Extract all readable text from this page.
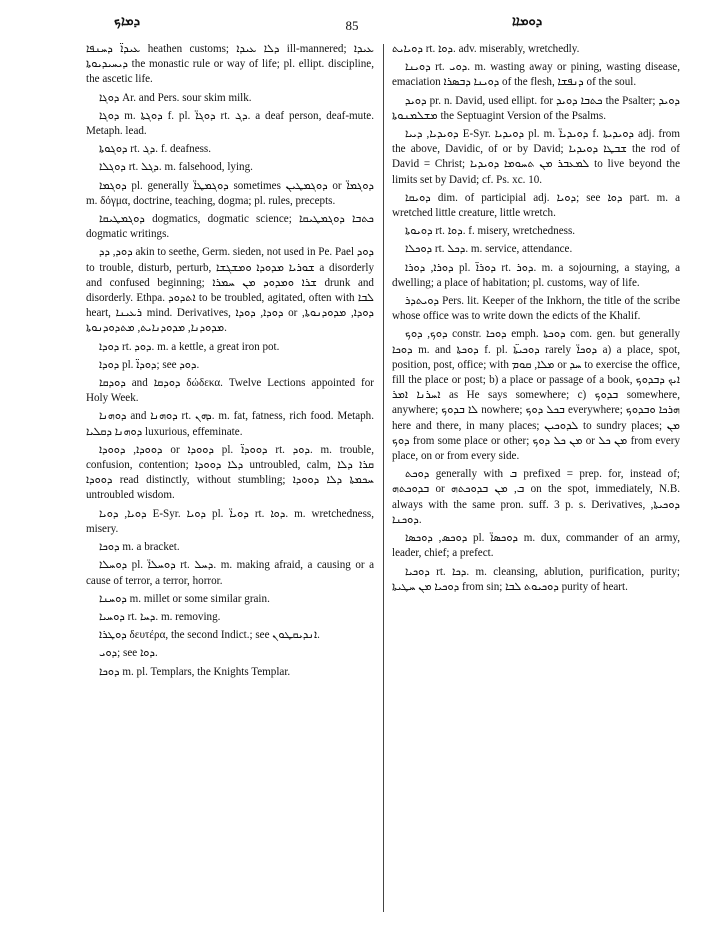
ܕܡܐܟ	85	ܕܘܡܐܐ

ܥܝܕܐ̈ ܕܚܢܦܐ heathen customs; ܕܠܐ ܥܝܕܐ ill-mannered; ܥܝܕܐ ܕܝܚܝܕܝܘܬܐ the monastic rule or way of life; pl. ellipt. discipline, the ascetic life.

ܕܘܓܐ Ar. and Pers. sour skim milk.

ܕܘܓܐ m. ܕܘܓܬܐ f. pl. ܕܘܓܐ̈ rt. ܕܓ. a deaf person, deaf-mute. Metaph. lead.

ܕܘܓܘܬܐ rt. ܕܓ. f. deafness.

ܕܘܓܠܐ rt. ܕܓܠ. m. falsehood, lying.

ܕܘܓܡܐ pl. generally ܕܘܓܡܛܐ̈ sometimes ܕܘܓܡܛܝܢ or ܕܘܓܡܐ̈ m. δόγμα, doctrine, teaching, dogma; pl. rules, precepts.

ܕܘܓܡܛܝܩܐ dogmatics, dogmatic science; ܟܬܒܐ ܕܘܓܡܛܝܩܐ dogmatic writings.

ܕܘܕ, ܕܕ akin to seethe, Germ. sieden, not used in Pe. Pael ܕܘܕ to trouble, disturb, perturb, ܫܘܪܝܐ ܡܕܘܕܐ ܘܡܫܓܫܐ a disorderly and confused beginning; ܫܪܐ ܘܡܕܘܕ ܡܢ ܚܡܪܐ drunk and disorderly. Ethpa. ܐܬܕܘܕ to be troubled, agitated, often with ܠܒܐ heart, ܪܥܝܢܐ mind. Derivatives, ܕܘܕܐ, ܕܘܕܐ or ܕܘܕܐ, ܡܕܘܕܢܘܬܐ, ܡܕܘܕܢܐ, ܡܕܘܕܢܐܝܬ, ܡܬܕܘܕܢܘܬܐ.

ܕܘܕܐ rt. ܕܘܕ. m. a kettle, a great iron pot.

ܕܘܕܐ pl. ܕܘܕܐ̈; see ܕܘܕ.

ܕܘܕܩܐ and ܕܘܕܩܐ δώδεκα. Twelve Lections appointed for Holy Week.

ܕܘܗܢܐ and ܕܘܗܢܐ rt. ܕܗܢ. m. fat, fatness, rich food. Metaph. ܕܘܗܢܐ ܕܩܠܝܐ luxurious, effeminate.

ܕܘܘܕܐ, ܕܘܘܕܐ or ܕܘܘܕܐ pl. ܕܘܘܕܐ̈ rt. ܕܘܕ. m. trouble, confusion, contention; ܕܠܐ ܕܘܘܕܐ untroubled, calm, ܩܪܐ ܕܠܐ ܕܘܘܕܐ read distinctly, without stumbling; ܚܟܡܬܐ ܕܠܐ ܕܘܘܕܐ untroubled wisdom.

ܕܘܝܐ, ܕܘܝܐ E-Syr. ܕܘܝܐ pl. ܕܘܝܐ̈ rt. ܕܘܐ. m. wretchedness, misery.

ܕܘܟܐ m. a bracket.

ܕܘܚܠܐ pl. ܕܘܚܠܐ̈ rt. ܕܚܠ. m. making afraid, a causing or a cause of terror, a terror, horror.

ܕܘܚܢܐ m. millet or some similar grain.

ܕܘܚܝܐ rt. ܕܚܐ. m. removing.

ܕܘܛܪܐ δευτέρα, the second Indict.; see ܐܢܕܝܩܛܘܢ.

ܕܘܝ; see ܕܘܐ.

ܕܘܟܐ m. pl. Templars, the Knights Templar.

ܕܘܝܐܝܬ rt. ܕܘܐ. adv. miserably, wretchedly.

ܕܘܝܢܐ rt. ܕܘܝ. m. wasting away or pining, wasting disease, emaciation ܕܘܝܢܐ ܕܒܣܪܐ of the flesh, ܕܢܦܫܐ of the soul.

ܕܘܝܕ pr. n. David, used ellipt. for ܟܬܒܐ ܕܘܝܕ the Psalter; ܕܘܝܕ ܡܫܠܡܢܘܬܐ the Septuagint Version of the Psalms.

ܕܘܝܕܝܐ, ܕܝܝܐ E-Syr. ܕܘܝܕܝܐ pl. m. ܕܘܝܕܝܐ̈ f. ܕܘܝܕܝܬܐ adj. from the above, Davidic, of or by David; ܫܒܛܐ ܕܘܝܕܝܐ the rod of David = Christ; ܠܡܥܒܪ ܡܢ ܬܚܘܡܐ ܕܘܝܕܝܐ to live beyond the limits set by David; cf. Ps. xc. 10.

ܕܘܝܩܐ dim. of participial adj. ܕܘܝܐ; see ܕܘܐ part. m. a wretched little creature, little wretch.

ܕܘܝܘܬܐ rt. ܕܘܐ. f. misery, wretchedness.

ܕܘܟܠܐ rt. ܕܟܠ. m. service, attendance.

ܕܘܪܐ, ܕܘܪܐ pl. ܕܘܪܐ̈ rt. ܕܘܪ. m. a sojourning, a staying, a dwelling; a place of habitation; pl. customs, way of life.

ܕܘܝܬܕܪ Pers. lit. Keeper of the Inkhorn, the title of the scribe whose office was to write down the edicts of the Khalif.

ܕܘܟ, ܕܘܟ constr. ܕܘܟܐ emph. ܕܘܟܬܐ com. gen. but generally ܕܘܟܐ m. and ܕܘܟܬܐ f. pl. ܕܘܟܝܬܐ̈ rarely ܕܘܟܐ̈ a) a place, spot, position, post, office; with ܡܠܐ, ܩܘܡ or ܚܕ to exercise the office, fill the place or post; b) a place or passage of a book, ܐܝܟ ܕܒܕܘܟ ܐܚܪܢܐ ܐܡܪ as He says somewhere; c) ܒܕܘܟ somewhere, anywhere; ܠܐ ܒܕܘܟ nowhere; ܒܟܠ ܕܘܟ everywhere; ܗܪܟܐ ܘܒܕܘܟ here and there, in many places; ܠܕܘܟܝܢ to sundry places; ܡܢ ܕܘܟ from some place or other; ܡܢ ܟܠ ܕܘܟ or ܡܢ ܟܠ from every place, on or from every side.

ܕܘܟܬ generally with ܒ prefixed = prep. for, instead of; ܒܕܘܟܬܗ or ܒ, ܡܢ ܒܕܘܟܬܗ on the spot, immediately, N.B. always with the same pron. suff. 3 p. s. Derivatives, ܕܘܟܝܬܐ, ܕܘܟܢܐ.

ܕܘܟܣ, ܕܘܟܣܐ pl. ܕܘܟܣܐ̈ m. dux, commander of an army, leader, chief; a prefect.

ܕܘܟܝܐ rt. ܕܟܐ. m. cleansing, ablution, purification, purity; ܕܘܟܝܐ ܡܢ ܚܛܝܬܐ from sin; ܕܘܟܝܘܬ ܠܒܐ purity of heart.
